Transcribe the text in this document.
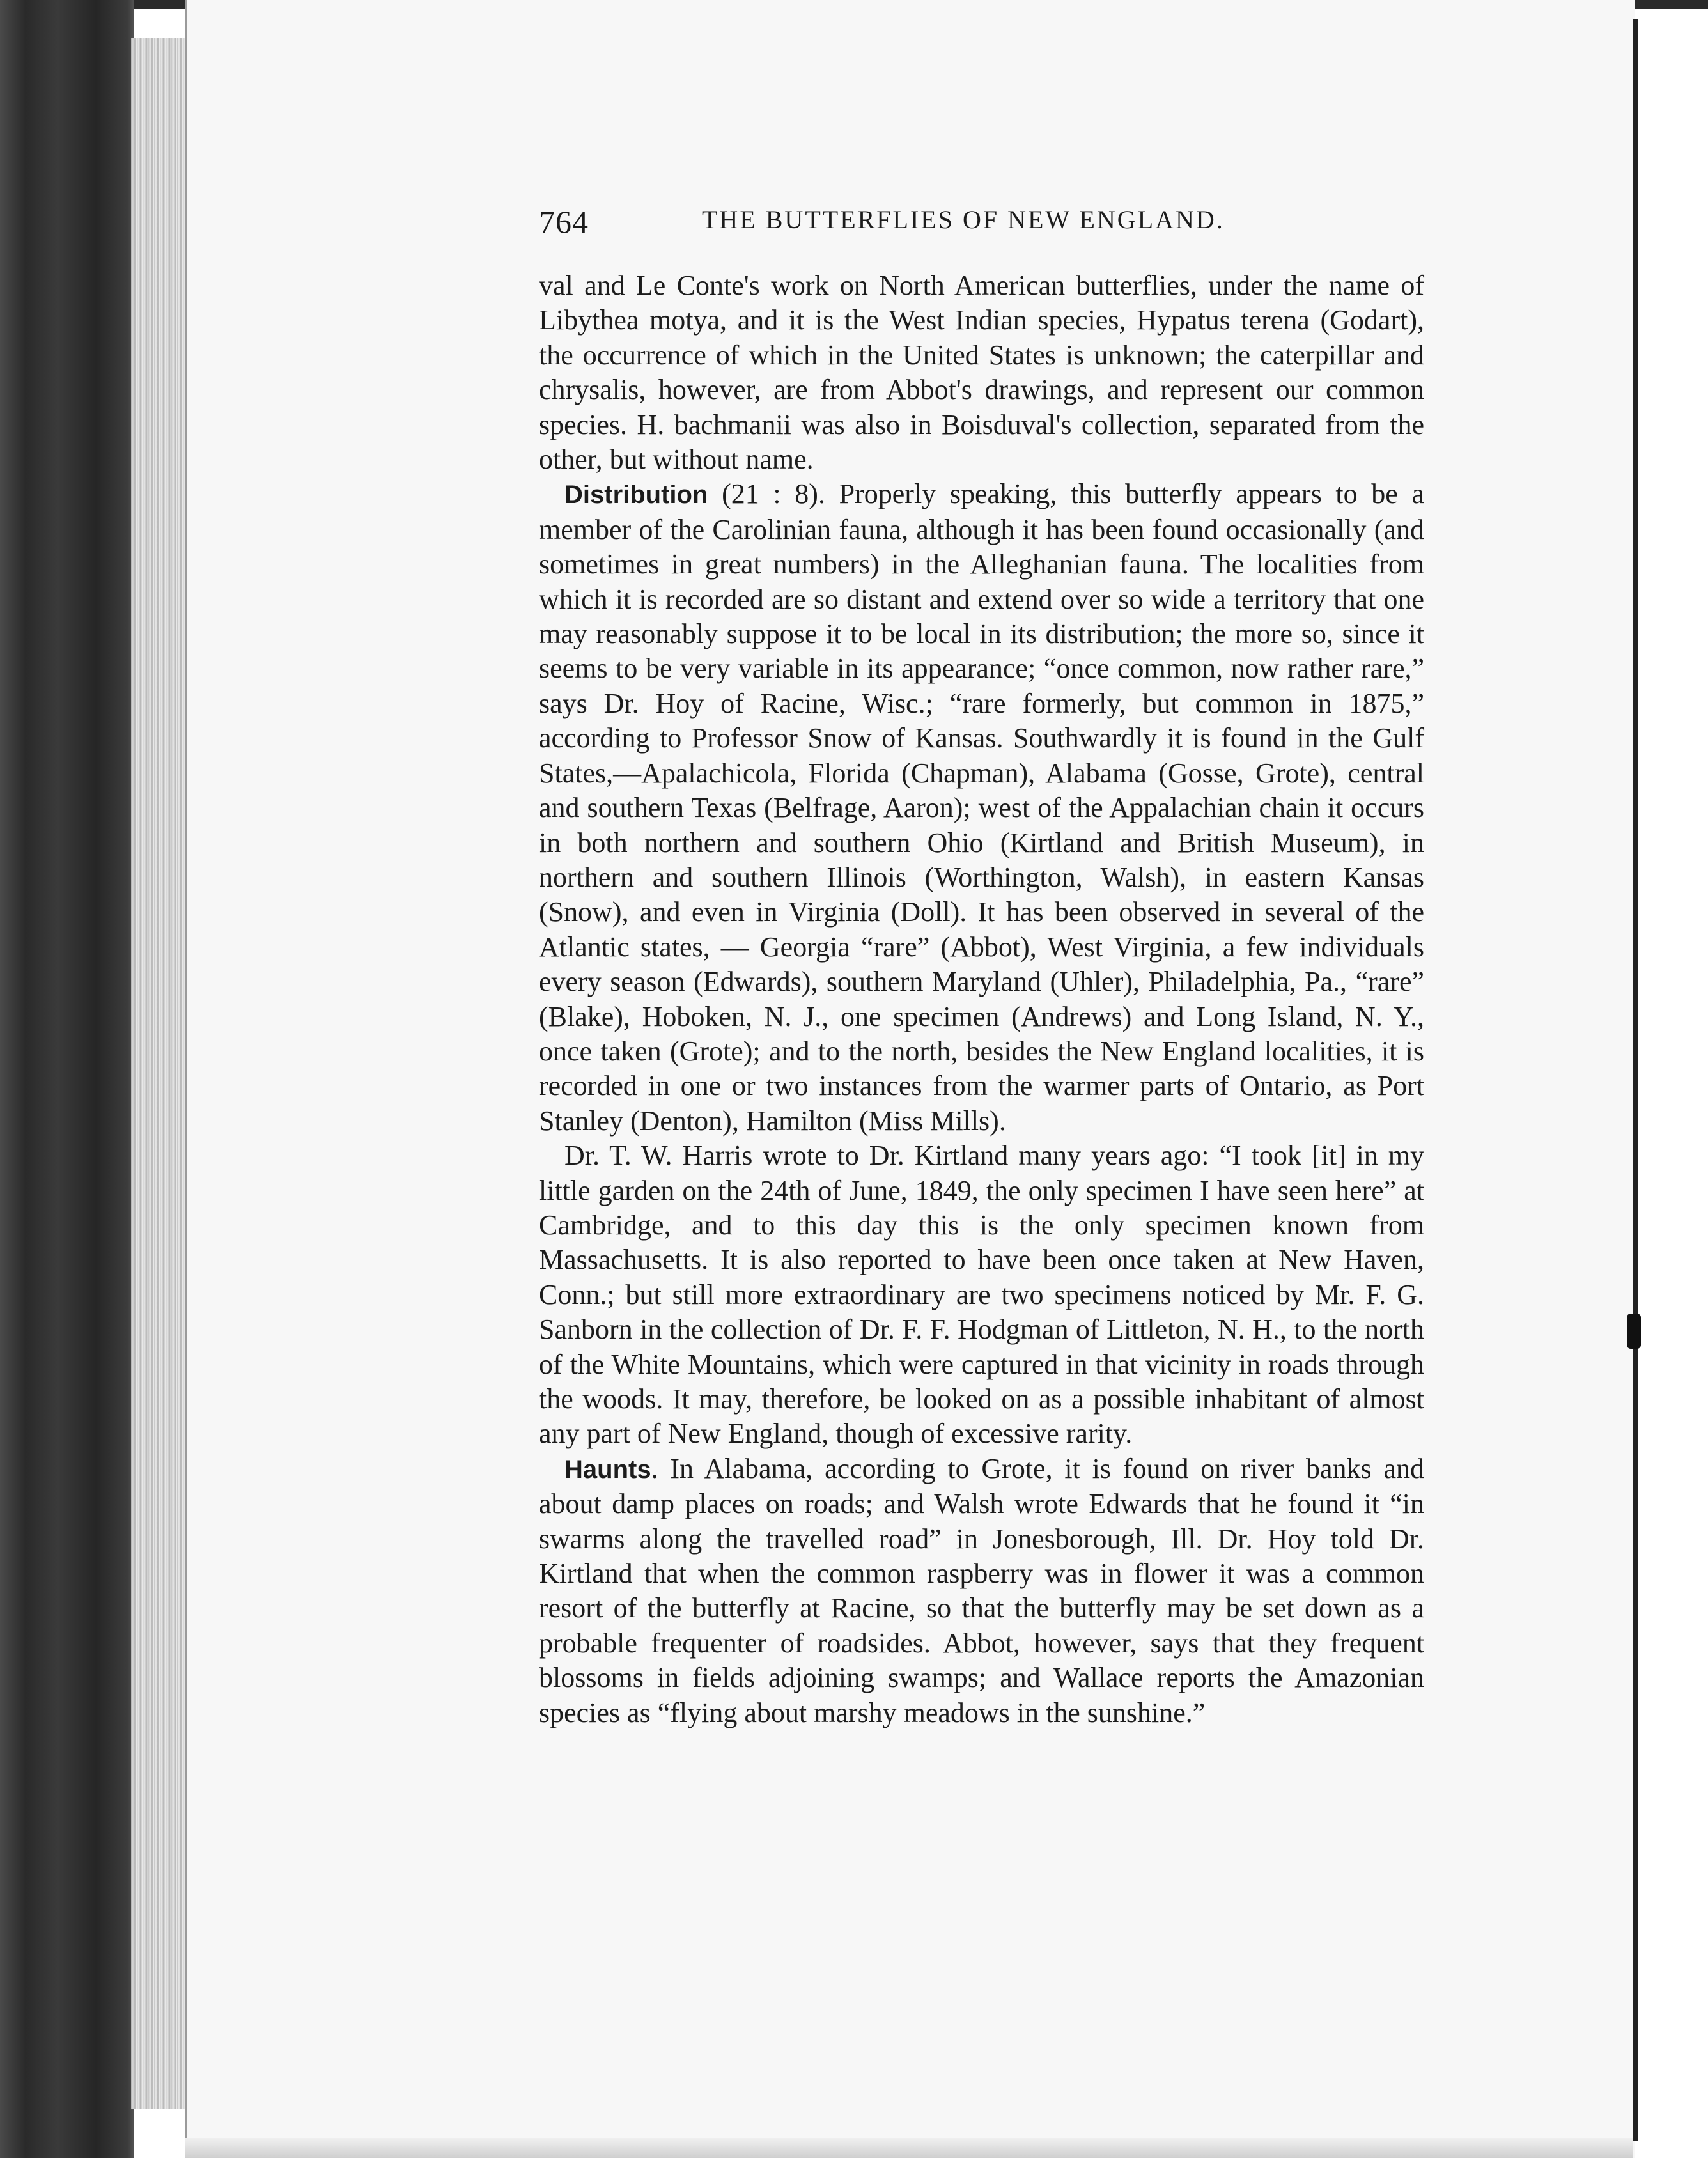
764	THE BUTTERFLIES OF NEW ENGLAND.

val and Le Conte's work on North American butterflies, under the name of Libythea motya, and it is the West Indian species, Hypatus terena (Godart), the occurrence of which in the United States is unknown; the caterpillar and chrysalis, however, are from Abbot's drawings, and represent our common species. H. bachmanii was also in Boisduval's collection, separated from the other, but without name.

Distribution (21 : 8). Properly speaking, this butterfly appears to be a member of the Carolinian fauna, although it has been found occasionally (and sometimes in great numbers) in the Alleghanian fauna. The localities from which it is recorded are so distant and extend over so wide a territory that one may reasonably suppose it to be local in its distribution; the more so, since it seems to be very variable in its appearance; “once common, now rather rare,” says Dr. Hoy of Racine, Wisc.; “rare formerly, but common in 1875,” according to Professor Snow of Kansas. Southwardly it is found in the Gulf States,—Apalachicola, Florida (Chapman), Alabama (Gosse, Grote), central and southern Texas (Belfrage, Aaron); west of the Appalachian chain it occurs in both northern and southern Ohio (Kirtland and British Museum), in northern and southern Illinois (Worthington, Walsh), in eastern Kansas (Snow), and even in Virginia (Doll). It has been observed in several of the Atlantic states, — Georgia “rare” (Abbot), West Virginia, a few individuals every season (Edwards), southern Maryland (Uhler), Philadelphia, Pa., “rare” (Blake), Hoboken, N. J., one specimen (Andrews) and Long Island, N. Y., once taken (Grote); and to the north, besides the New England localities, it is recorded in one or two instances from the warmer parts of Ontario, as Port Stanley (Denton), Hamilton (Miss Mills).

Dr. T. W. Harris wrote to Dr. Kirtland many years ago: “I took [it] in my little garden on the 24th of June, 1849, the only specimen I have seen here” at Cambridge, and to this day this is the only specimen known from Massachusetts. It is also reported to have been once taken at New Haven, Conn.; but still more extraordinary are two specimens noticed by Mr. F. G. Sanborn in the collection of Dr. F. F. Hodgman of Littleton, N. H., to the north of the White Mountains, which were captured in that vicinity in roads through the woods. It may, therefore, be looked on as a possible inhabitant of almost any part of New England, though of excessive rarity.

Haunts. In Alabama, according to Grote, it is found on river banks and about damp places on roads; and Walsh wrote Edwards that he found it “in swarms along the travelled road” in Jonesborough, Ill. Dr. Hoy told Dr. Kirtland that when the common raspberry was in flower it was a common resort of the butterfly at Racine, so that the butterfly may be set down as a probable frequenter of roadsides. Abbot, however, says that they frequent blossoms in fields adjoining swamps; and Wallace reports the Amazonian species as “flying about marshy meadows in the sunshine.”
